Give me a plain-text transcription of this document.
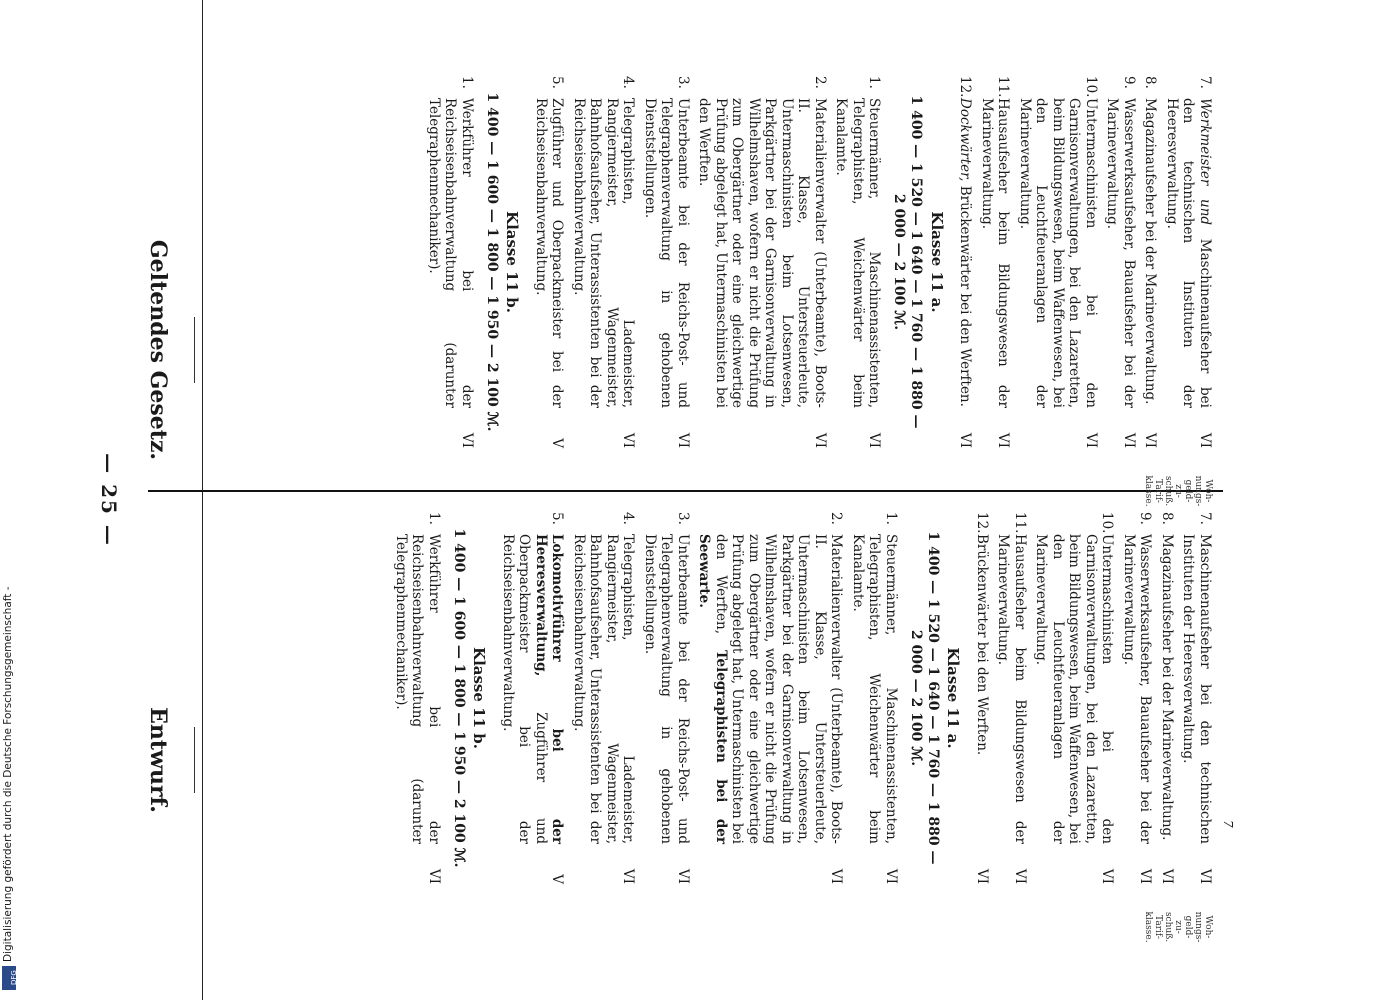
Geltendes Gesetz.
— 25 —
Entwurf.
Woh-
nungs-
geld-
zu-
schuß.
Tarif-
klasse.
7.
Werkmeister und Maschinenaufseher bei den technischen Instituten der Heeresverwaltung.
VI
8.
Magazinaufseher bei der Marineverwaltung.
VI
9.
Wasserwerksaufseher, Bauaufseher bei der Marineverwaltung.
VI
10.
Untermaschinisten bei den Garnisonverwaltungen, bei den Lazaretten, beim Bildungswesen, beim Waffenwesen, bei den Leuchtfeueranlagen der Marineverwaltung.
VI
11.
Hausaufseher beim Bildungswesen der Marineverwaltung.
VI
12.
Dockwärter, Brückenwärter bei den Werften.
VI
Klasse 11 a.
1 400 — 1 520 — 1 640 — 1 760 — 1 880 —
2 000 — 2 100 ℳ.
1.
Steuermänner, Maschinenassistenten, Telegraphisten, Weichenwärter beim Kanalamte.
VI
2.
Materialienverwalter (Unterbeamte), Boots- II. Klasse, Untersteuerleute, Untermaschinisten beim Lotsenwesen, Parkgärtner bei der Garnisonverwaltung in Wilhelmshaven, wofern er nicht die Prüfung zum Obergärtner oder eine gleichwertige Prüfung abgelegt hat, Untermaschinisten bei den Werften.
VI
3.
Unterbeamte bei der Reichs-Post- und Telegraphenverwaltung in gehobenen Dienststellungen.
VI
4.
Telegraphisten, Lademeister, Rangiermeister, Wagenmeister, Bahnhofsaufseher, Unterassistenten bei der Reichseisenbahnverwaltung.
VI
5.
Zugführer und Oberpackmeister bei der Reichseisenbahnverwaltung.
V
Klasse 11 b.
1 400 — 1 600 — 1 800 — 1 950 — 2 100 ℳ.
1.
Werkführer bei der Reichseisenbahnverwaltung (darunter Telegraphenmechaniker).
VI
Woh-
nungs-
geld-
zu-
schuß.
Tarif-
klasse.
7.
Maschinenaufseher bei den technischen Instituten der Heeresverwaltung.
VI
8.
Magazinaufseher bei der Marineverwaltung.
VI
9.
Wasserwerksaufseher, Bauaufseher bei der Marineverwaltung.
VI
10.
Untermaschinisten bei den Garnisonverwaltungen, bei den Lazaretten, beim Bildungswesen, beim Waffenwesen, bei den Leuchtfeueranlagen der Marineverwaltung.
VI
11.
Hausaufseher beim Bildungswesen der Marineverwaltung.
VI
12.
Brückenwärter bei den Werften.
VI
Klasse 11 a.
1 400 — 1 520 — 1 640 — 1 760 — 1 880 —
2 000 — 2 100 ℳ.
1.
Steuermänner, Maschinenassistenten, Telegraphisten, Weichenwärter beim Kanalamte.
VI
2.
Materialienverwalter (Unterbeamte), Boots- II. Klasse, Untersteuerleute, Untermaschinisten beim Lotsenwesen, Parkgärtner bei der Garnisonverwaltung in Wilhelmshaven, wofern er nicht die Prüfung zum Obergärtner oder eine gleichwertige Prüfung abgelegt hat, Untermaschinisten bei den Werften, Telegraphisten bei der Seewarte.
VI
3.
Unterbeamte bei der Reichs-Post- und Telegraphenverwaltung in gehobenen Dienststellungen.
VI
4.
Telegraphisten, Lademeister, Rangiermeister, Wagenmeister, Bahnhofsaufseher, Unterassistenten bei der Reichseisenbahnverwaltung.
VI
5.
Lokomotivführer bei der Heeresverwaltung, Zugführer und Oberpackmeister bei der Reichseisenbahnverwaltung.
V
Klasse 11 b.
1 400 — 1 600 — 1 800 — 1 950 — 2 100 ℳ.
1.
Werkführer bei der Reichseisenbahnverwaltung (darunter Telegraphenmechaniker).
VI
7
DFG
Digitalisierung gefördert durch die Deutsche Forschungsgemeinschaft -
